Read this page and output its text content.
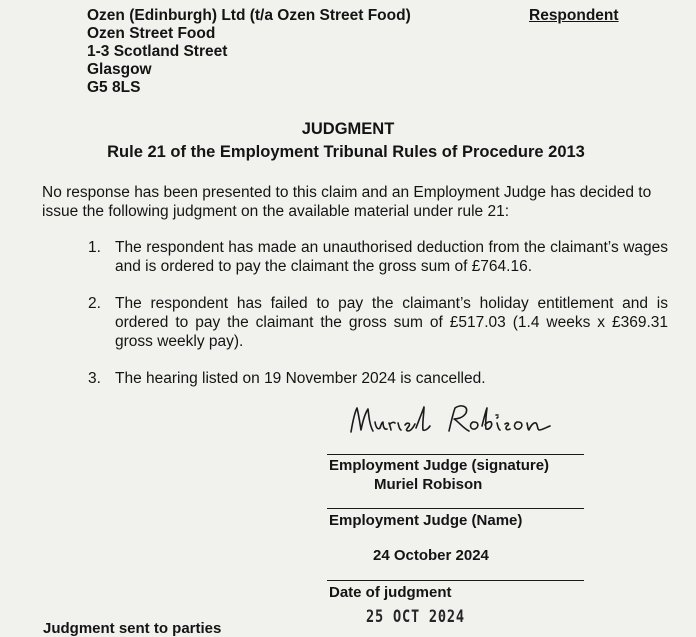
Ozen (Edinburgh) Ltd (t/a Ozen Street Food)
Ozen Street Food
1-3 Scotland Street
Glasgow
G5 8LS
Respondent
JUDGMENT
Rule 21 of the Employment Tribunal Rules of Procedure 2013
No response has been presented to this claim and an Employment Judge has decided to issue the following judgment on the available material under rule 21:
1. The respondent has made an unauthorised deduction from the claimant’s wages and is ordered to pay the claimant the gross sum of £764.16.
2. The respondent has failed to pay the claimant’s holiday entitlement and is ordered to pay the claimant the gross sum of £517.03 (1.4 weeks x £369.31 gross weekly pay).
3. The hearing listed on 19 November 2024 is cancelled.
Employment Judge (signature)
Muriel Robison
Employment Judge (Name)
24 October 2024
Date of judgment
25 OCT 2024
Judgment sent to parties
